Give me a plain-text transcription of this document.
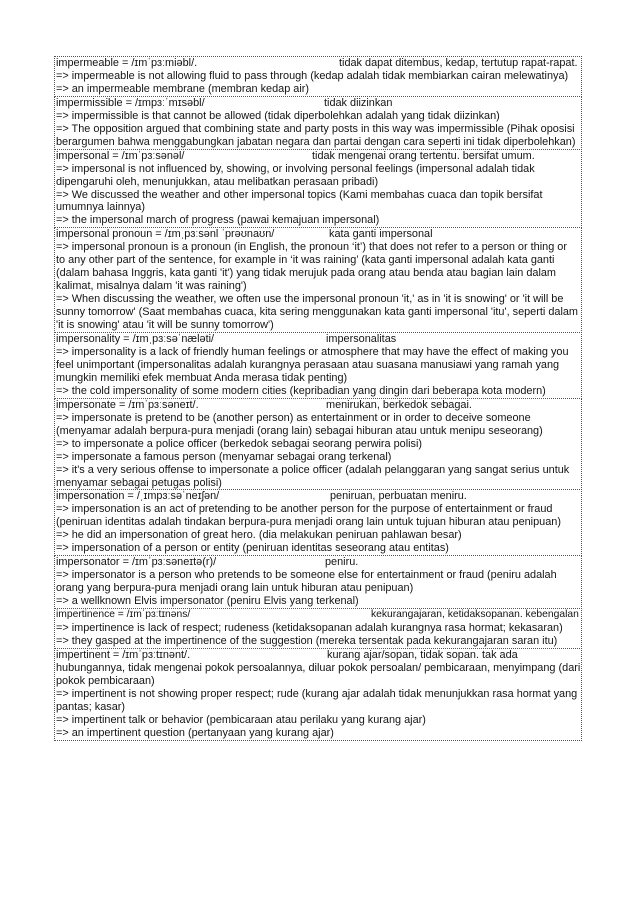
impermeable = /ɪmˈpɜːmiəbl/.	tidak dapat ditembus, kedap, tertutup rapat-rapat.
=> impermeable is not allowing fluid to pass through (kedap adalah tidak membiarkan cairan melewatinya)
=> an impermeable membrane (membran kedap air)
impermissible = /ɪmpɜːˈmɪsəbl/	tidak diizinkan
=> impermissible is that cannot be allowed (tidak diperbolehkan adalah yang tidak diizinkan)
=> The opposition argued that combining state and party posts in this way was impermissible (Pihak oposisi
berargumen bahwa menggabungkan jabatan negara dan partai dengan cara seperti ini tidak diperbolehkan)
impersonal = /ɪmˈpɜːsənəl/	tidak mengenai orang tertentu. bersifat umum.
=> impersonal is not influenced by, showing, or involving personal feelings (impersonal adalah tidak
dipengaruhi oleh, menunjukkan, atau melibatkan perasaan pribadi)
=> We discussed the weather and other impersonal topics (Kami membahas cuaca dan topik bersifat
umumnya lainnya)
=> the impersonal march of progress (pawai kemajuan impersonal)
impersonal pronoun = /ɪmˌpɜːsənl ˈprəʊnaʊn/	kata ganti impersonal
=> impersonal pronoun is a pronoun (in English, the pronoun ‘it’) that does not refer to a person or thing or
to any other part of the sentence, for example in ‘it was raining’ (kata ganti impersonal adalah kata ganti
(dalam bahasa Inggris, kata ganti 'it') yang tidak merujuk pada orang atau benda atau bagian lain dalam
kalimat, misalnya dalam 'it was raining')
=> When discussing the weather, we often use the impersonal pronoun 'it,' as in 'it is snowing' or 'it will be
sunny tomorrow' (Saat membahas cuaca, kita sering menggunakan kata ganti impersonal 'itu', seperti dalam
'it is snowing' atau 'it will be sunny tomorrow')
impersonality = /ɪmˌpɜːsəˈnæləti/	impersonalitas
=> impersonality is a lack of friendly human feelings or atmosphere that may have the effect of making you
feel unimportant (impersonalitas adalah kurangnya perasaan atau suasana manusiawi yang ramah yang
mungkin memiliki efek membuat Anda merasa tidak penting)
=> the cold impersonality of some modern cities (kepribadian yang dingin dari beberapa kota modern)
impersonate = /ɪmˈpɜːsəneɪt/.	menirukan, berkedok sebagai.
=> impersonate is pretend to be (another person) as entertainment or in order to deceive someone
(menyamar adalah berpura-pura menjadi (orang lain) sebagai hiburan atau untuk menipu seseorang)
=> to impersonate a police officer (berkedok sebagai seorang perwira polisi)
=> impersonate a famous person (menyamar sebagai orang terkenal)
=> it's a very serious offense to impersonate a police officer (adalah pelanggaran yang sangat serius untuk
menyamar sebagai petugas polisi)
impersonation = /ˌɪmpɜːsəˈneɪʃən/	peniruan, perbuatan meniru.
=> impersonation is an act of pretending to be another person for the purpose of entertainment or fraud
(peniruan identitas adalah tindakan berpura-pura menjadi orang lain untuk tujuan hiburan atau penipuan)
=> he did an impersonation of great hero. (dia melakukan peniruan pahlawan besar)
=> impersonation of a person or entity (peniruan identitas seseorang atau entitas)
impersonator = /ɪmˈpɜːsəneɪtə(r)/	peniru.
=> impersonator is a person who pretends to be someone else for entertainment or fraud (peniru adalah
orang yang berpura-pura menjadi orang lain untuk hiburan atau penipuan)
=> a wellknown Elvis impersonator (peniru Elvis yang terkenal)
impertinence = /ɪmˈpɜːtɪnəns/	kekurangajaran, ketidaksopanan. kebengalan
=> impertinence is lack of respect; rudeness (ketidaksopanan adalah kurangnya rasa hormat; kekasaran)
=> they gasped at the impertinence of the suggestion (mereka tersentak pada kekurangajaran saran itu)
impertinent = /ɪmˈpɜːtɪnənt/.	kurang ajar/sopan, tidak sopan. tak ada
hubungannya, tidak mengenai pokok persoalannya, diluar pokok persoalan/ pembicaraan, menyimpang (dari
pokok pembicaraan)
=> impertinent is not showing proper respect; rude (kurang ajar adalah tidak menunjukkan rasa hormat yang
pantas; kasar)
=> impertinent talk or behavior (pembicaraan atau perilaku yang kurang ajar)
=> an impertinent question (pertanyaan yang kurang ajar)
